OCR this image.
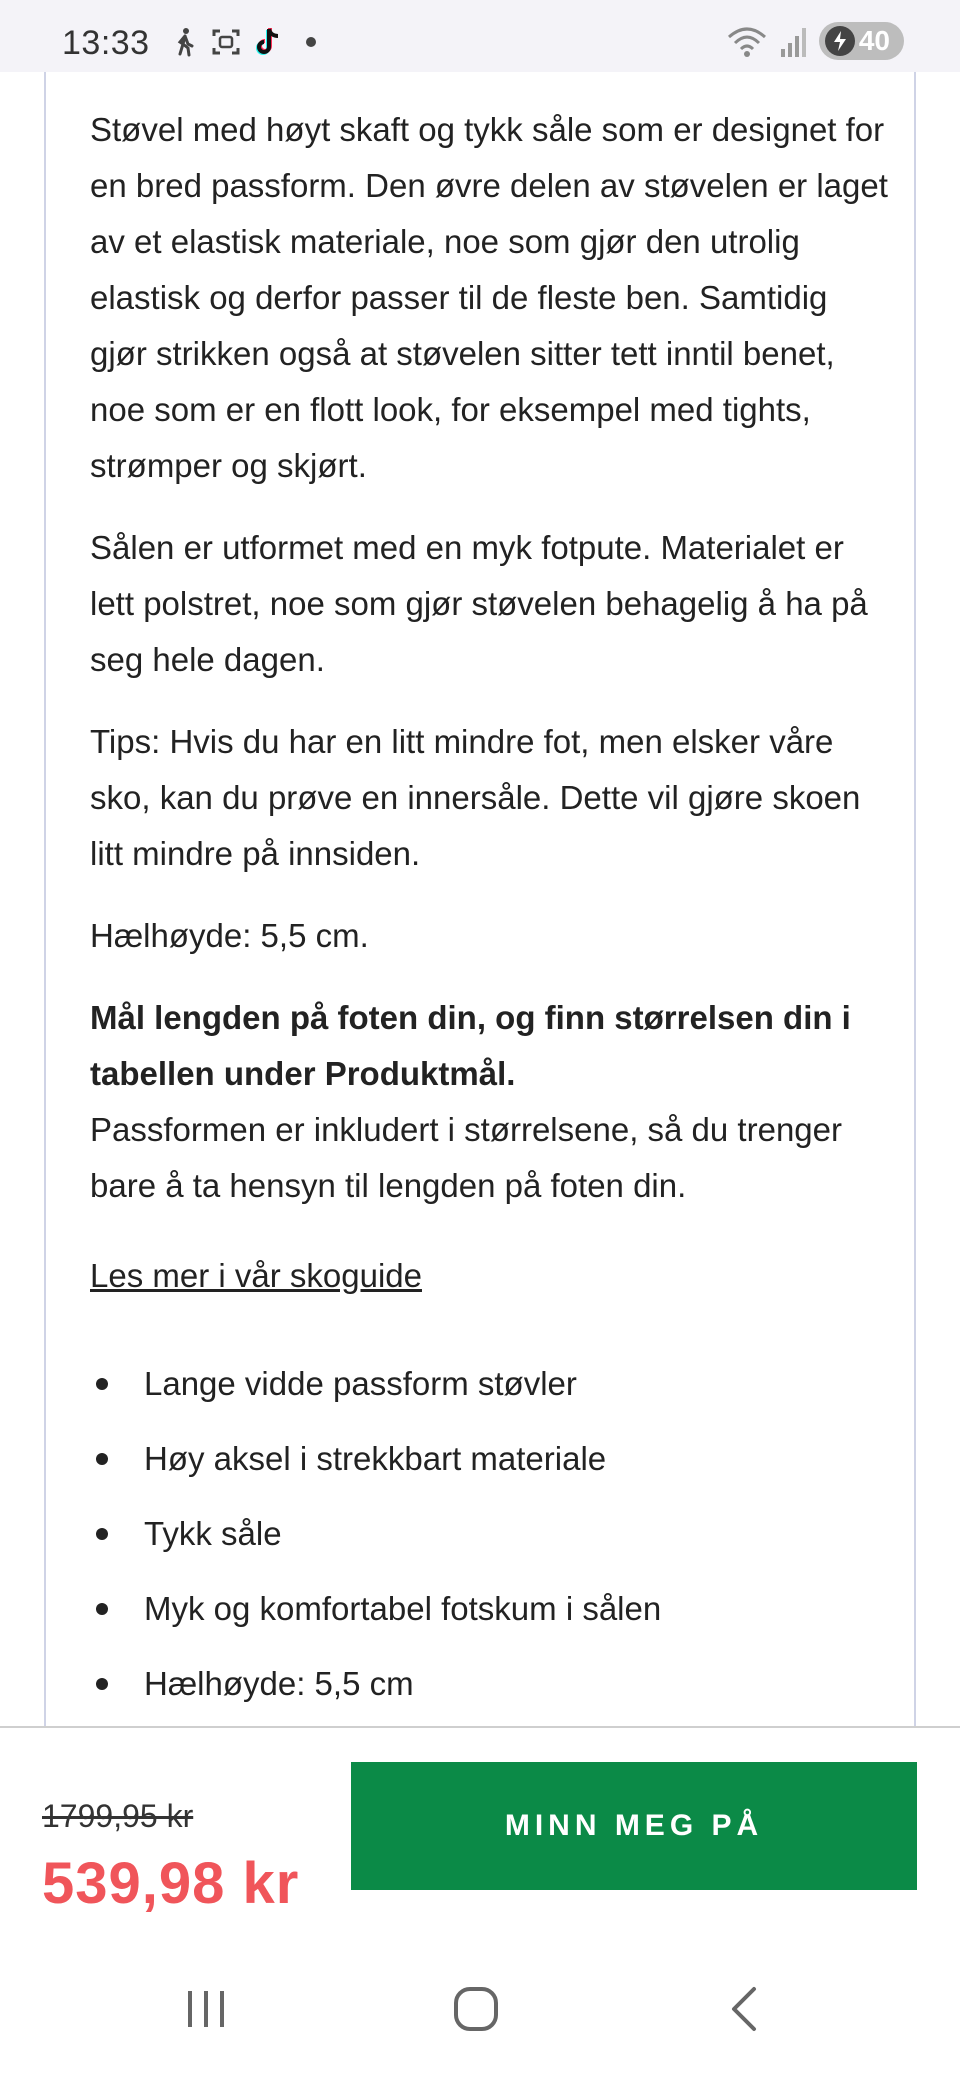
13:33	40

Støvel med høyt skaft og tykk såle som er designet for en bred passform. Den øvre delen av støvelen er laget av et elastisk materiale, noe som gjør den utrolig elastisk og derfor passer til de fleste ben. Samtidig gjør strikken også at støvelen sitter tett inntil benet, noe som er en flott look, for eksempel med tights, strømper og skjørt.

Sålen er utformet med en myk fotpute. Materialet er lett polstret, noe som gjør støvelen behagelig å ha på seg hele dagen.

Tips: Hvis du har en litt mindre fot, men elsker våre sko, kan du prøve en innersåle. Dette vil gjøre skoen litt mindre på innsiden.

Hælhøyde: 5,5 cm.

Mål lengden på foten din, og finn størrelsen din i tabellen under Produktmål.

Passformen er inkludert i størrelsene, så du trenger bare å ta hensyn til lengden på foten din.

Les mer i vår skoguide
Lange vidde passform støvler
Høy aksel i strekkbart materiale
Tykk såle
Myk og komfortabel fotskum i sålen
Hælhøyde: 5,5 cm
1799,95 kr
539,98 kr
MINN MEG PÅ
